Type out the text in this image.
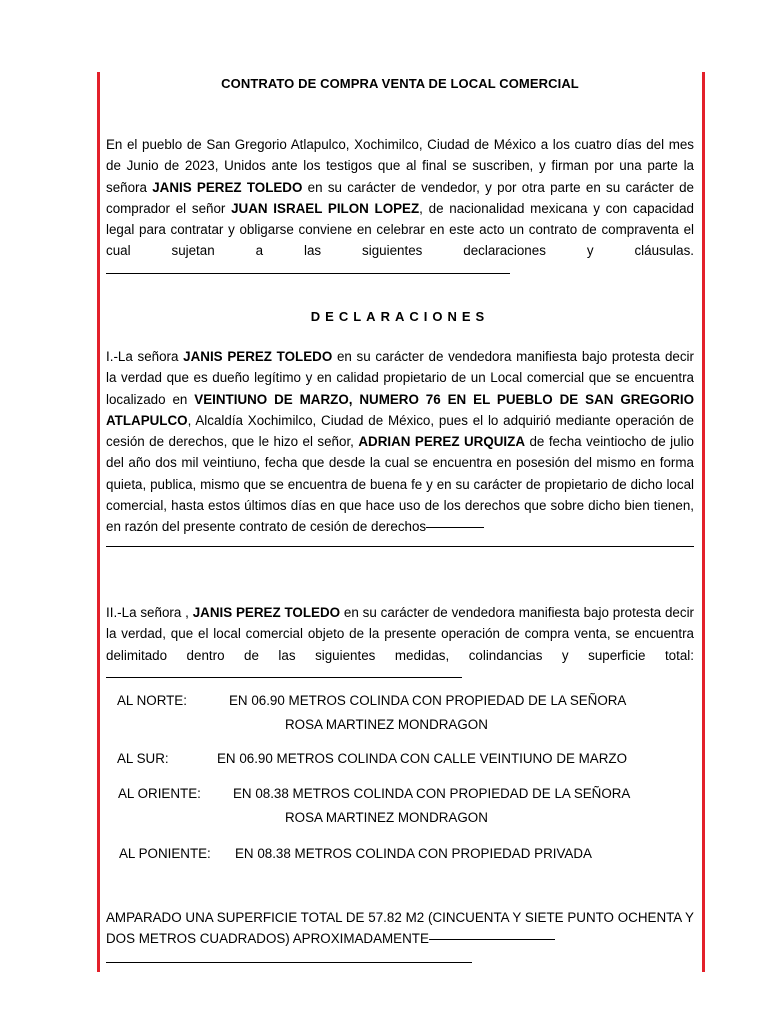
CONTRATO DE COMPRA VENTA DE LOCAL COMERCIAL
En el pueblo de San Gregorio Atlapulco, Xochimilco, Ciudad de México a los cuatro días del mes de Junio de 2023, Unidos ante los testigos que al final se suscriben, y firman por una parte la señora JANIS PEREZ TOLEDO en su carácter de vendedor, y por otra parte en su carácter de comprador el señor JUAN ISRAEL PILON LOPEZ, de nacionalidad mexicana y con capacidad legal para contratar y obligarse conviene en celebrar en este acto un contrato de compraventa el cual sujetan a las siguientes declaraciones y cláusulas.
DECLARACIONES
I.-La señora JANIS PEREZ TOLEDO en su carácter de vendedora manifiesta bajo protesta decir la verdad que es dueño legítimo y en calidad propietario de un Local comercial que se encuentra localizado en VEINTIUNO DE MARZO, NUMERO 76 EN EL PUEBLO DE SAN GREGORIO ATLAPULCO, Alcaldía Xochimilco, Ciudad de México, pues el lo adquirió mediante operación de cesión de derechos, que le hizo el señor, ADRIAN PEREZ URQUIZA de fecha veintiocho de julio del año dos mil veintiuno, fecha que desde la cual se encuentra en posesión del mismo en forma quieta, publica, mismo que se encuentra de buena fe y en su carácter de propietario de dicho local comercial, hasta estos últimos días en que hace uso de los derechos que sobre dicho bien tienen, en razón del presente contrato de cesión de derechos
II.-La señora , JANIS PEREZ TOLEDO en su carácter de vendedora manifiesta bajo protesta decir la verdad, que el local comercial objeto de la presente operación de compra venta, se encuentra delimitado dentro de las siguientes medidas, colindancias y superficie total:
AL NORTE:	EN 06.90 METROS COLINDA CON PROPIEDAD DE LA SEÑORA
ROSA MARTINEZ MONDRAGON
AL SUR:	EN 06.90 METROS COLINDA CON CALLE VEINTIUNO DE MARZO
AL ORIENTE: EN 08.38 METROS COLINDA CON PROPIEDAD DE LA SEÑORA
ROSA MARTINEZ MONDRAGON
AL PONIENTE: EN 08.38 METROS COLINDA CON PROPIEDAD PRIVADA
AMPARADO UNA SUPERFICIE TOTAL DE 57.82 M2 (CINCUENTA Y SIETE PUNTO OCHENTA Y DOS METROS CUADRADOS) APROXIMADAMENTE
